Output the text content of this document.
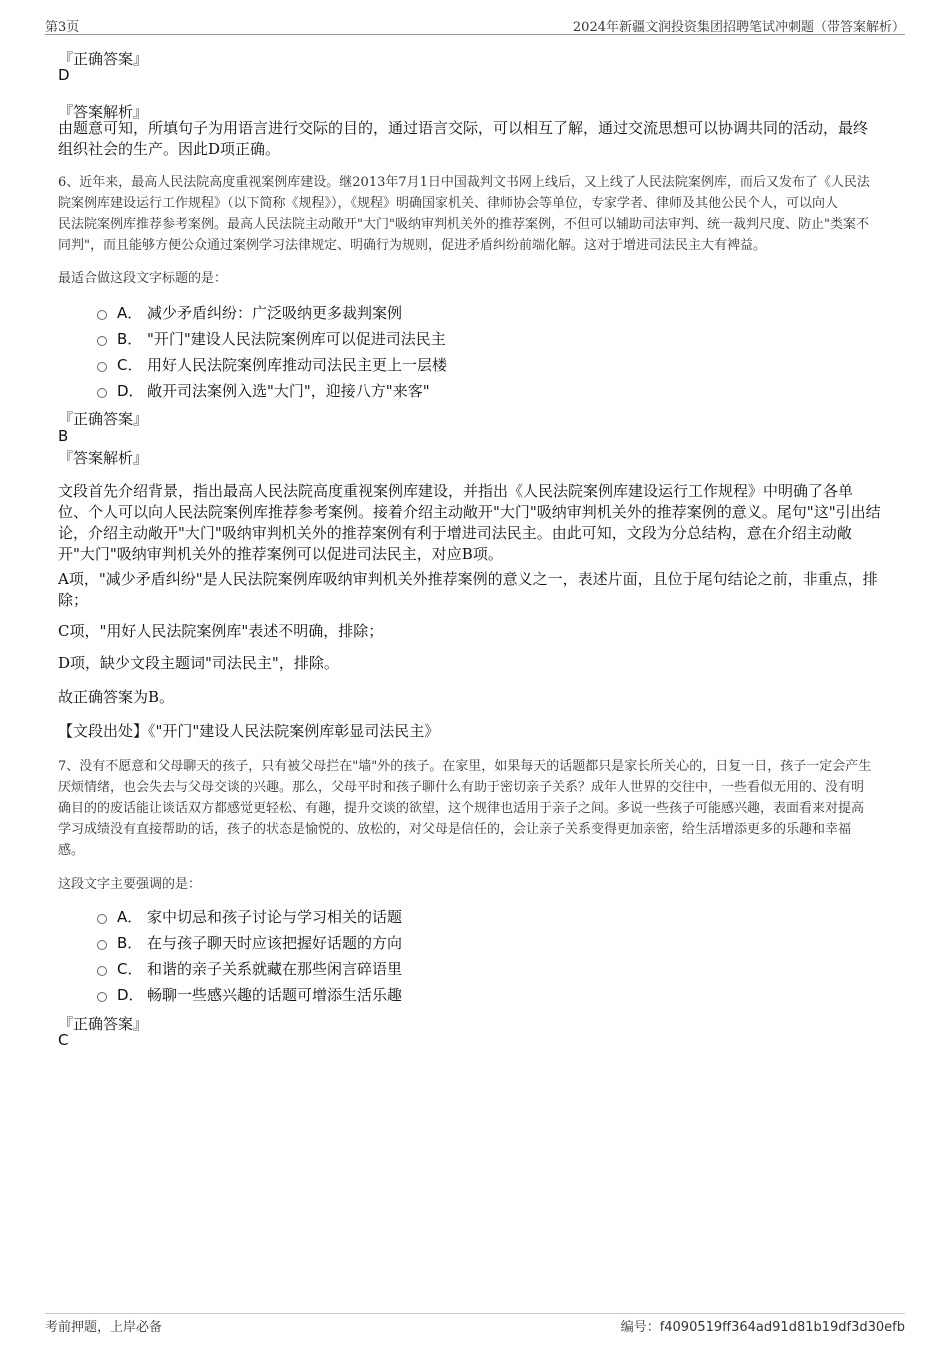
第3页	2024年新疆文润投资集团招聘笔试冲刺题（带答案解析）
『正确答案』
D
『答案解析』
由题意可知，所填句子为用语言进行交际的目的，通过语言交际，可以相互了解，通过交流思想可以协调共同的活动，最终
组织社会的生产。因此D项正确。
6、近年来，最高人民法院高度重视案例库建设。继2013年7月1日中国裁判文书网上线后，又上线了人民法院案例库，而后又发布了《人民法
院案例库建设运行工作规程》（以下简称《规程》），《规程》明确国家机关、律师协会等单位，专家学者、律师及其他公民个人，可以向人
民法院案例库推荐参考案例。最高人民法院主动敞开"大门"吸纳审判机关外的推荐案例，不但可以辅助司法审判、统一裁判尺度、防止"类案不
同判"，而且能够方便公众通过案例学习法律规定、明确行为规则，促进矛盾纠纷前端化解。这对于增进司法民主大有裨益。
最适合做这段文字标题的是：
A． 减少矛盾纠纷：广泛吸纳更多裁判案例
B． "开门"建设人民法院案例库可以促进司法民主
C． 用好人民法院案例库推动司法民主更上一层楼
D． 敞开司法案例入选"大门"，迎接八方"来客"
『正确答案』
B
『答案解析』
文段首先介绍背景，指出最高人民法院高度重视案例库建设，并指出《人民法院案例库建设运行工作规程》中明确了各单
位、个人可以向人民法院案例库推荐参考案例。接着介绍主动敞开"大门"吸纳审判机关外的推荐案例的意义。尾句"这"引出结
论，介绍主动敞开"大门"吸纳审判机关外的推荐案例有利于增进司法民主。由此可知，文段为分总结构，意在介绍主动敞
开"大门"吸纳审判机关外的推荐案例可以促进司法民主，对应B项。
A项，"减少矛盾纠纷"是人民法院案例库吸纳审判机关外推荐案例的意义之一，表述片面，且位于尾句结论之前，非重点，排
除；
C项，"用好人民法院案例库"表述不明确，排除；
D项，缺少文段主题词"司法民主"，排除。
故正确答案为B。
【文段出处】《"开门"建设人民法院案例库彰显司法民主》
7、没有不愿意和父母聊天的孩子，只有被父母拦在"墙"外的孩子。在家里，如果每天的话题都只是家长所关心的，日复一日，孩子一定会产生
厌烦情绪，也会失去与父母交谈的兴趣。那么，父母平时和孩子聊什么有助于密切亲子关系？成年人世界的交往中，一些看似无用的、没有明
确目的的废话能让谈话双方都感觉更轻松、有趣，提升交谈的欲望，这个规律也适用于亲子之间。多说一些孩子可能感兴趣，表面看来对提高
学习成绩没有直接帮助的话，孩子的状态是愉悦的、放松的，对父母是信任的，会让亲子关系变得更加亲密，给生活增添更多的乐趣和幸福
感。
这段文字主要强调的是：
A． 家中切忌和孩子讨论与学习相关的话题
B． 在与孩子聊天时应该把握好话题的方向
C． 和谐的亲子关系就藏在那些闲言碎语里
D． 畅聊一些感兴趣的话题可增添生活乐趣
『正确答案』
C
考前押题，上岸必备	编号：f4090519ff364ad91d81b19df3d30efb
